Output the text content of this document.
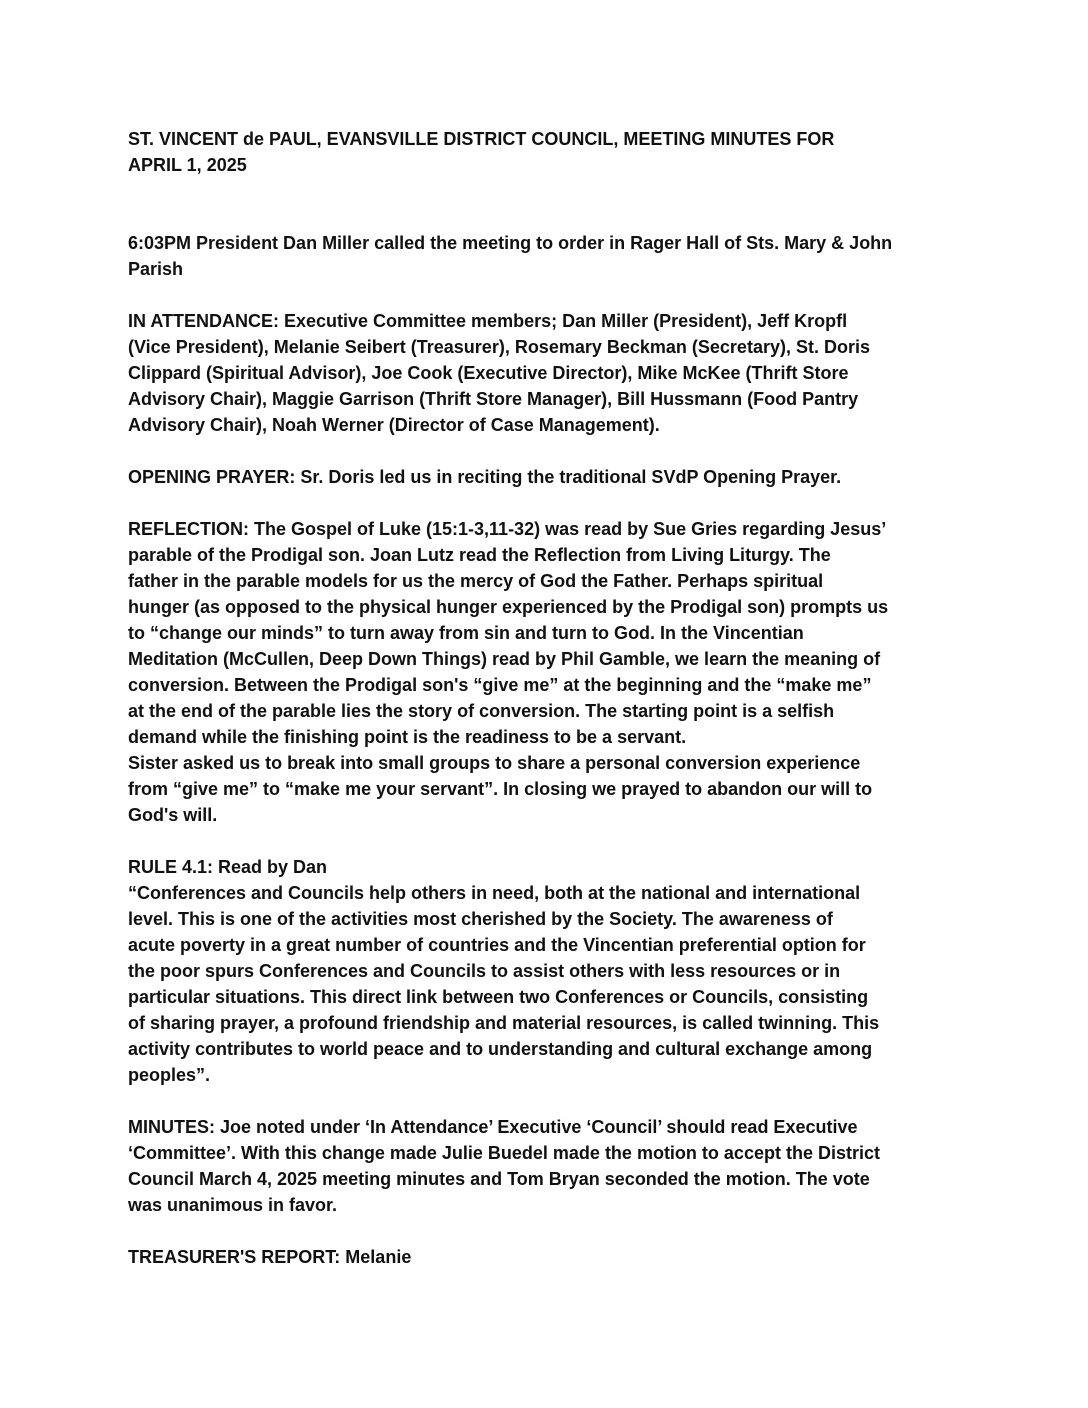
ST. VINCENT de PAUL, EVANSVILLE DISTRICT COUNCIL, MEETING MINUTES FOR
APRIL 1, 2025

6:03PM President Dan Miller called the meeting to order in Rager Hall of Sts. Mary & John
Parish

IN ATTENDANCE: Executive Committee members; Dan Miller (President), Jeff Kropfl
(Vice President), Melanie Seibert (Treasurer), Rosemary Beckman (Secretary), St. Doris
Clippard (Spiritual Advisor), Joe Cook (Executive Director), Mike McKee (Thrift Store
Advisory Chair), Maggie Garrison (Thrift Store Manager), Bill Hussmann (Food Pantry
Advisory Chair), Noah Werner (Director of Case Management).

OPENING PRAYER: Sr. Doris led us in reciting the traditional SVdP Opening Prayer.

REFLECTION: The Gospel of Luke (15:1-3,11-32) was read by Sue Gries regarding Jesus’
parable of the Prodigal son. Joan Lutz read the Reflection from Living Liturgy. The
father in the parable models for us the mercy of God the Father. Perhaps spiritual
hunger (as opposed to the physical hunger experienced by the Prodigal son) prompts us
to “change our minds” to turn away from sin and turn to God. In the Vincentian
Meditation (McCullen, Deep Down Things) read by Phil Gamble, we learn the meaning of
conversion. Between the Prodigal son's “give me” at the beginning and the “make me”
at the end of the parable lies the story of conversion. The starting point is a selfish
demand while the finishing point is the readiness to be a servant.
Sister asked us to break into small groups to share a personal conversion experience
from “give me” to “make me your servant”. In closing we prayed to abandon our will to
God's will.

RULE 4.1: Read by Dan
“Conferences and Councils help others in need, both at the national and international
level. This is one of the activities most cherished by the Society. The awareness of
acute poverty in a great number of countries and the Vincentian preferential option for
the poor spurs Conferences and Councils to assist others with less resources or in
particular situations. This direct link between two Conferences or Councils, consisting
of sharing prayer, a profound friendship and material resources, is called twinning. This
activity contributes to world peace and to understanding and cultural exchange among
peoples”.

MINUTES: Joe noted under ‘In Attendance’ Executive ‘Council’ should read Executive
‘Committee’. With this change made Julie Buedel made the motion to accept the District
Council March 4, 2025 meeting minutes and Tom Bryan seconded the motion. The vote
was unanimous in favor.

TREASURER'S REPORT: Melanie
